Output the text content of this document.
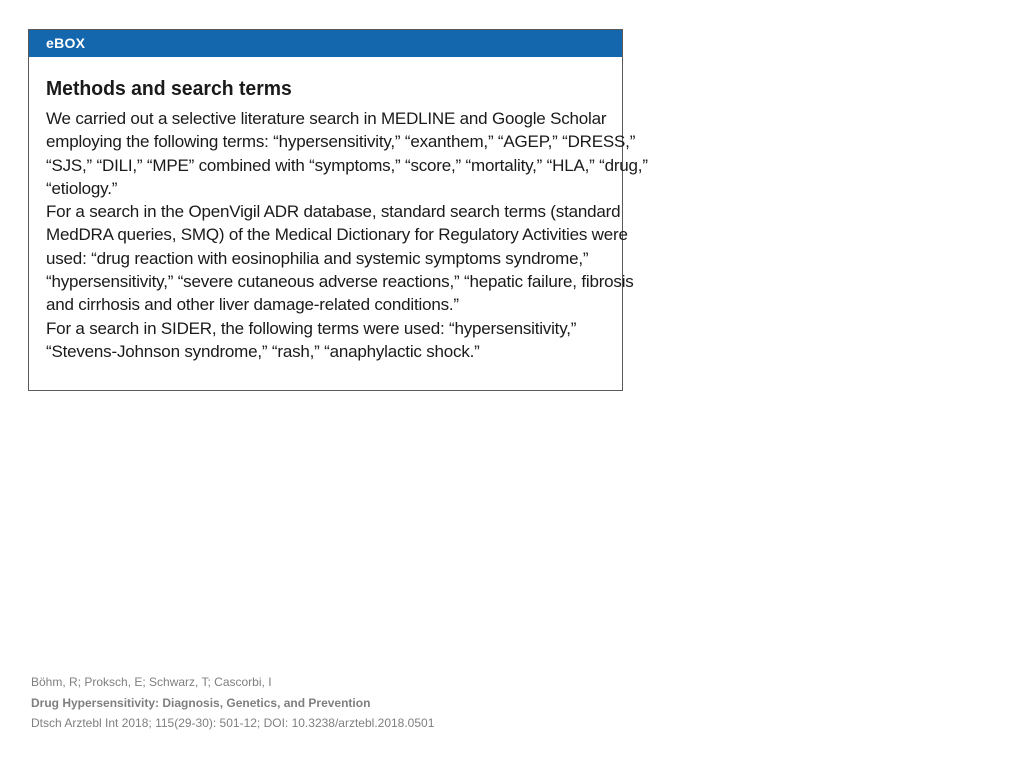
eBOX
Methods and search terms

We carried out a selective literature search in MEDLINE and Google Scholar

employing the following terms: “hypersensitivity,” “exanthem,” “AGEP,” “DRESS,”

“SJS,” “DILI,” “MPE” combined with “symptoms,” “score,” “mortality,” “HLA,” “drug,”

“etiology.”

For a search in the OpenVigil ADR database, standard search terms (standard

MedDRA queries, SMQ) of the Medical Dictionary for Regulatory Activities were

used: “drug reaction with eosinophilia and systemic symptoms syndrome,”

“hypersensitivity,” “severe cutaneous adverse reactions,” “hepatic failure, fibrosis

and cirrhosis and other liver damage-related conditions.”

For a search in SIDER, the following terms were used: “hypersensitivity,”

“Stevens-Johnson syndrome,” “rash,” “anaphylactic shock.”

Böhm, R; Proksch, E; Schwarz, T; Cascorbi, I
Drug Hypersensitivity: Diagnosis, Genetics, and Prevention
Dtsch Arztebl Int 2018; 115(29-30): 501-12; DOI: 10.3238/arztebl.2018.0501
